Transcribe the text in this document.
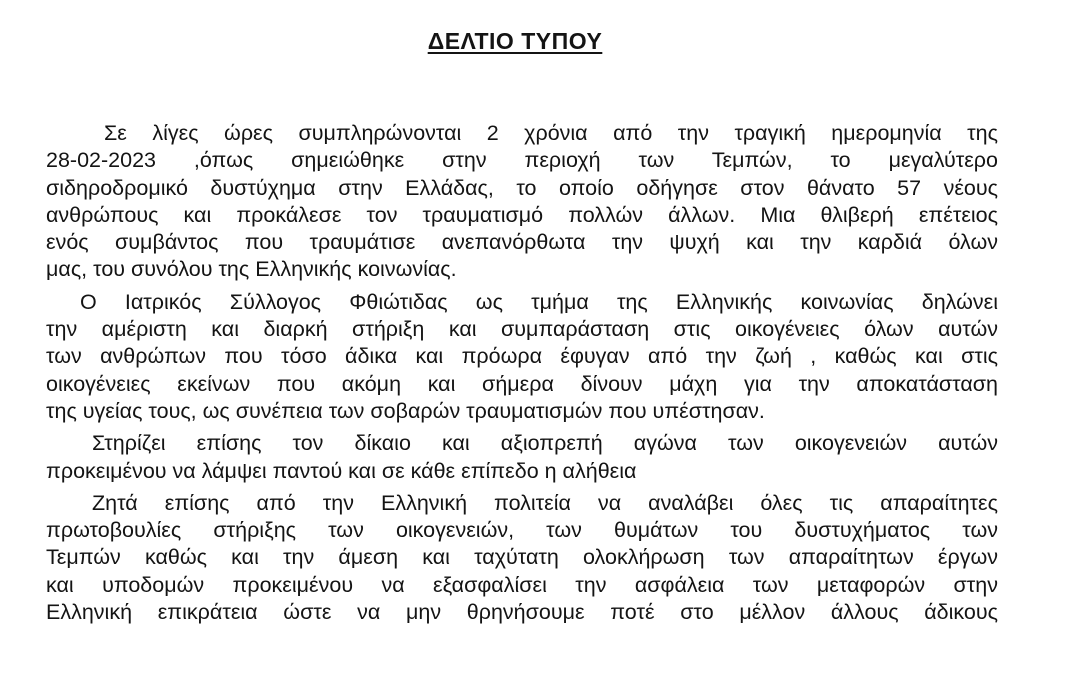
ΔΕΛΤΙΟ ΤΥΠΟΥ
Σε λίγες ώρες συμπληρώνονται 2 χρόνια από την τραγική ημερομηνία της
28-02-2023 ,όπως σημειώθηκε στην περιοχή των Τεμπών, το μεγαλύτερο
σιδηροδρομικό δυστύχημα στην Ελλάδας, το οποίο οδήγησε στον θάνατο 57 νέους
ανθρώπους και προκάλεσε τον τραυματισμό πολλών άλλων. Μια θλιβερή επέτειος
ενός συμβάντος που τραυμάτισε ανεπανόρθωτα την ψυχή και την καρδιά όλων
μας, του συνόλου της Ελληνικής κοινωνίας.
Ο Ιατρικός Σύλλογος Φθιώτιδας ως τμήμα της Ελληνικής κοινωνίας δηλώνει
την αμέριστη και διαρκή στήριξη και συμπαράσταση στις οικογένειες όλων αυτών
των ανθρώπων που τόσο άδικα και πρόωρα έφυγαν από την ζωή , καθώς και στις
οικογένειες εκείνων που ακόμη και σήμερα δίνουν μάχη για την αποκατάσταση
της υγείας τους, ως συνέπεια των σοβαρών τραυματισμών που υπέστησαν.
Στηρίζει επίσης τον δίκαιο και αξιοπρεπή αγώνα των οικογενειών αυτών
προκειμένου να λάμψει παντού και σε κάθε επίπεδο η αλήθεια
Ζητά επίσης από την Ελληνική πολιτεία να αναλάβει όλες τις απαραίτητες
πρωτοβουλίες στήριξης των οικογενειών, των θυμάτων του δυστυχήματος των
Τεμπών καθώς και την άμεση και ταχύτατη ολοκλήρωση των απαραίτητων έργων
και υποδομών προκειμένου να εξασφαλίσει την ασφάλεια των μεταφορών στην
Ελληνική επικράτεια ώστε να μην θρηνήσουμε ποτέ στο μέλλον άλλους άδικους
